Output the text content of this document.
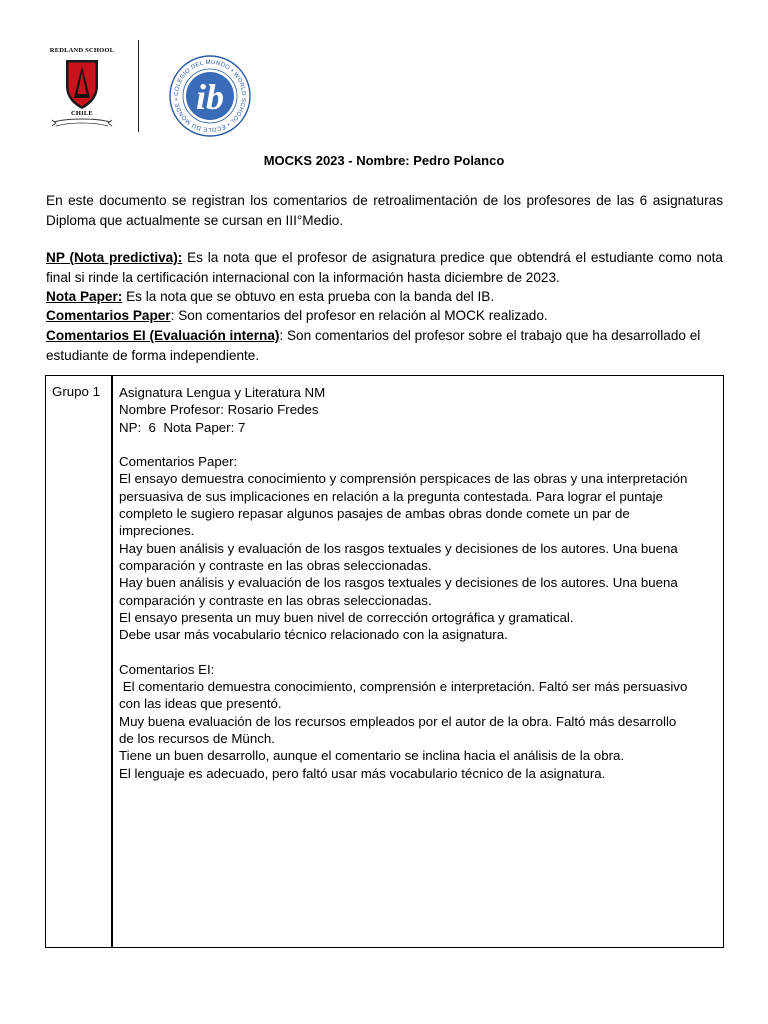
REDLAND SCHOOL
CHILE
COLEGIO DEL MUNDO • WORLD SCHOOL • ÉCOLE DU MONDE • ib
MOCKS 2023 - Nombre: Pedro Polanco
En este documento se registran los comentarios de retroalimentación de los profesores de las 6 asignaturas Diploma que actualmente se cursan en III°Medio.
NP (Nota predictiva): Es la nota que el profesor de asignatura predice que obtendrá el estudiante como nota final si rinde la certificación internacional con la información hasta diciembre de 2023.
Nota Paper: Es la nota que se obtuvo en esta prueba con la banda del IB.
Comentarios Paper: Son comentarios del profesor en relación al MOCK realizado.
Comentarios EI (Evaluación interna): Son comentarios del profesor sobre el trabajo que ha desarrollado el estudiante de forma independiente.
Grupo 1 Asignatura Lengua y Literatura NM
Nombre Profesor: Rosario Fredes
NP:  6  Nota Paper: 7
Comentarios Paper:
El ensayo demuestra conocimiento y comprensión perspicaces de las obras y una interpretación
persuasiva de sus implicaciones en relación a la pregunta contestada. Para lograr el puntaje
completo le sugiero repasar algunos pasajes de ambas obras donde comete un par de
impreciones.
Hay buen análisis y evaluación de los rasgos textuales y decisiones de los autores. Una buena
comparación y contraste en las obras seleccionadas.
Hay buen análisis y evaluación de los rasgos textuales y decisiones de los autores. Una buena
comparación y contraste en las obras seleccionadas.
El ensayo presenta un muy buen nivel de corrección ortográfica y gramatical.
Debe usar más vocabulario técnico relacionado con la asignatura.
Comentarios EI:
El comentario demuestra conocimiento, comprensión e interpretación. Faltó ser más persuasivo
con las ideas que presentó.
Muy buena evaluación de los recursos empleados por el autor de la obra. Faltó más desarrollo
de los recursos de Münch.
Tiene un buen desarrollo, aunque el comentario se inclina hacia el análisis de la obra.
El lenguaje es adecuado, pero faltó usar más vocabulario técnico de la asignatura.
